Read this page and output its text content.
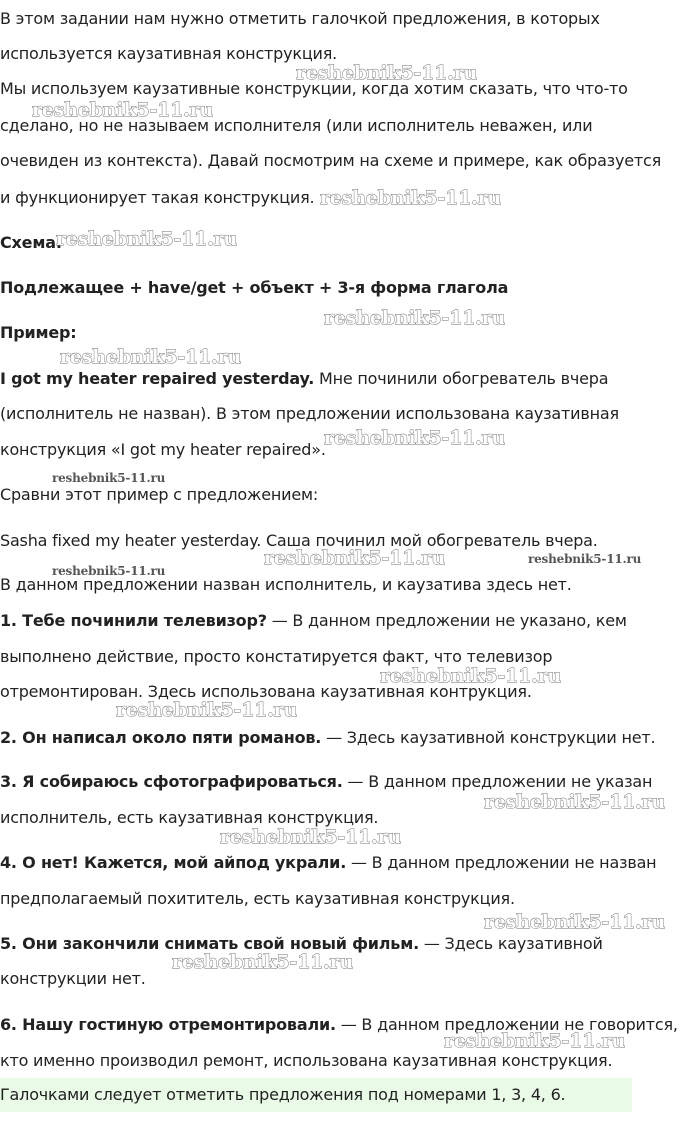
В этом задании нам нужно отметить галочкой предложения, в которых
используется каузативная конструкция.
Мы используем каузативные конструкции, когда хотим сказать, что что-то
сделано, но не называем исполнителя (или исполнитель неважен, или
очевиден из контекста). Давай посмотрим на схеме и примере, как образуется
и функционирует такая конструкция.
Схема:
Подлежащее + have/get + объект + 3-я форма глагола
Пример:
I got my heater repaired yesterday. Мне починили обогреватель вчера
(исполнитель не назван). В этом предложении использована каузативная
конструкция «I got my heater repaired».
Сравни этот пример с предложением:
Sasha fixed my heater yesterday. Саша починил мой обогреватель вчера.
В данном предложении назван исполнитель, и каузатива здесь нет.
1. Тебе починили телевизор? — В данном предложении не указано, кем
выполнено действие, просто констатируется факт, что телевизор
отремонтирован. Здесь использована каузативная контрукция.
2. Он написал около пяти романов. — Здесь каузативной конструкции нет.
3. Я собираюсь сфотографироваться. — В данном предложении не указан
исполнитель, есть каузативная конструкция.
4. О нет! Кажется, мой айпод украли. — В данном предложении не назван
предполагаемый похититель, есть каузативная конструкция.
5. Они закончили снимать свой новый фильм. — Здесь каузативной
конструкции нет.
6. Нашу гостиную отремонтировали. — В данном предложении не говорится,
кто именно производил ремонт, использована каузативная конструкция.
Галочками следует отметить предложения под номерами 1, 3, 4, 6.
reshebnik5-11.ru
reshebnik5-11.ru
reshebnik5-11.ru
reshebnik5-11.ru
reshebnik5-11.ru
reshebnik5-11.ru
reshebnik5-11.ru
reshebnik5-11.ru
reshebnik5-11.ru	reshebnik5-11.ru
reshebnik5-11.ru
reshebnik5-11.ru
reshebnik5-11.ru
reshebnik5-11.ru
reshebnik5-11.ru
reshebnik5-11.ru
reshebnik5-11.ru
reshebnik5-11.ru
